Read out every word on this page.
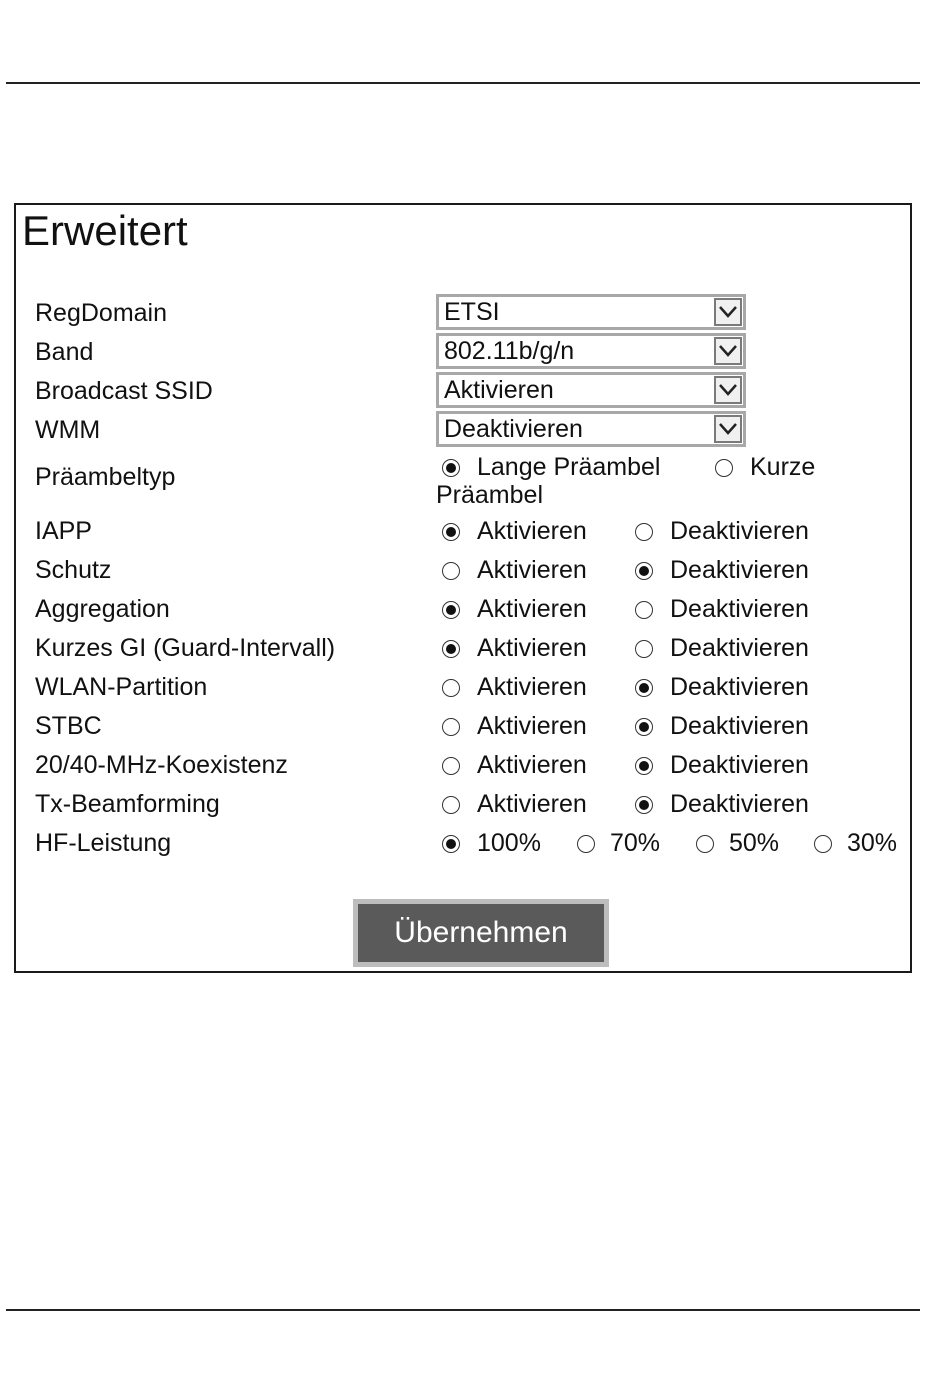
Erweitert
RegDomain	ETSI
Band	802.11b/g/n
Broadcast SSID	Aktivieren
WMM	Deaktivieren
Präambeltyp	Lange Präambel	Kurze
Präambel
IAPP	Aktivieren	Deaktivieren
Schutz	Aktivieren	Deaktivieren
Aggregation	Aktivieren	Deaktivieren
Kurzes GI (Guard-Intervall)	Aktivieren	Deaktivieren
WLAN-Partition	Aktivieren	Deaktivieren
STBC	Aktivieren	Deaktivieren
20/40-MHz-Koexistenz	Aktivieren	Deaktivieren
Tx-Beamforming	Aktivieren	Deaktivieren
HF-Leistung	100%	70%	50%	30%
Übernehmen
